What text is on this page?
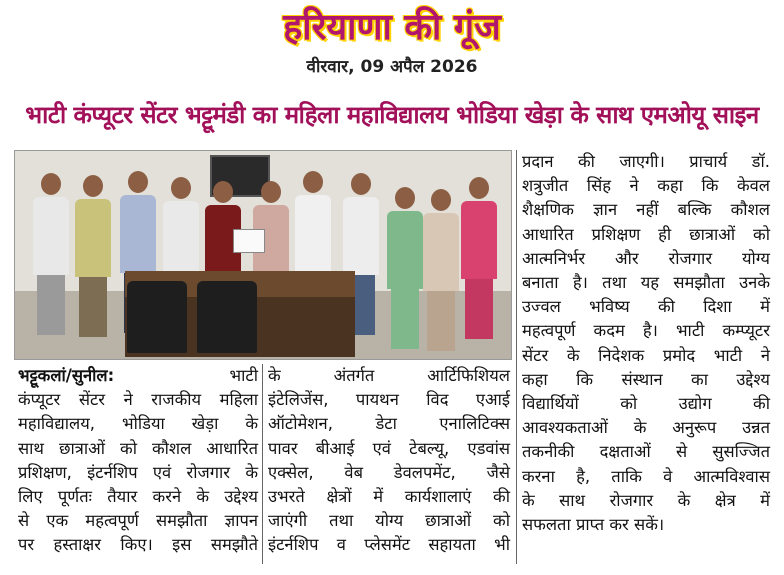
हरियाणा की गूंज
वीरवार, 09 अपैल 2026
भाटी कंप्यूटर सेंटर भट्टूमंडी का महिला महाविद्यालय भोडिया खेड़ा के साथ एमओयू साइन
भट्टूकलां/सुनील: भाटी
कंप्यूटर सेंटर ने राजकीय महिला
महाविद्यालय, भोडिया खेड़ा के
साथ छात्राओं को कौशल आधारित
प्रशिक्षण, इंटर्नशिप एवं रोजगार के
लिए पूर्णतः तैयार करने के उद्देश्य
से एक महत्वपूर्ण समझौता ज्ञापन
पर हस्ताक्षर किए। इस समझौते
के अंतर्गत आर्टिफिशियल
इंटेलिजेंस, पायथन विद एआई
ऑटोमेशन, डेटा एनालिटिक्स
पावर बीआई एवं टेबल्यू, एडवांस
एक्सेल, वेब डेवलपमेंट, जैसे
उभरते क्षेत्रों में कार्यशालाएं की
जाएंगी तथा योग्य छात्राओं को
इंटर्नशिप व प्लेसमेंट सहायता भी
प्रदान की जाएगी। प्राचार्य डॉ.
शत्रुजीत सिंह ने कहा कि केवल
शैक्षणिक ज्ञान नहीं बल्कि कौशल
आधारित प्रशिक्षण ही छात्राओं को
आत्मनिर्भर और रोजगार योग्य
बनाता है। तथा यह समझौता उनके
उज्वल भविष्य की दिशा में
महत्वपूर्ण कदम है। भाटी कम्प्यूटर
सेंटर के निदेशक प्रमोद भाटी ने
कहा कि संस्थान का उद्देश्य
विद्यार्थियों को उद्योग की
आवश्यकताओं के अनुरूप उन्नत
तकनीकी दक्षताओं से सुसज्जित
करना है, ताकि वे आत्मविश्वास
के साथ रोजगार के क्षेत्र में
सफलता प्राप्त कर सकें।
